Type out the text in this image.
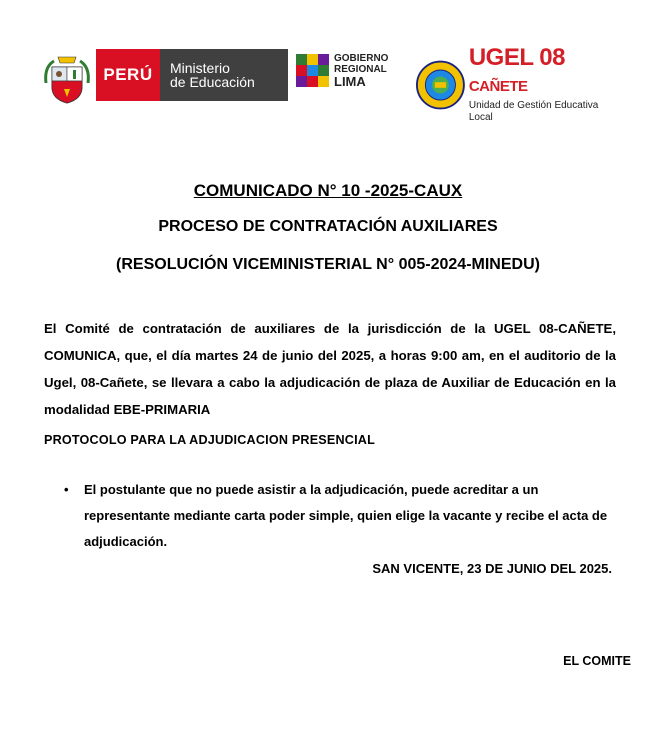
PERÚ	Ministerio
de Educación
GOBIERNO
REGIONAL
LIMA
UGEL 08 CAÑETE
Unidad de Gestión Educativa Local
COMUNICADO N° 10 -2025-CAUX
PROCESO DE CONTRATACIÓN AUXILIARES
(RESOLUCIÓN VICEMINISTERIAL N° 005-2024-MINEDU)
El Comité de contratación de auxiliares de la jurisdicción de la UGEL 08-CAÑETE, COMUNICA, que, el día martes 24 de junio del 2025, a horas 9:00 am, en el auditorio de la Ugel, 08-Cañete, se llevara a cabo la adjudicación de plaza de Auxiliar de Educación en la modalidad EBE-PRIMARIA
PROTOCOLO PARA LA ADJUDICACION PRESENCIAL
•	El postulante que no puede asistir a la adjudicación, puede acreditar a un representante mediante carta poder simple, quien elige la vacante y recibe el acta de adjudicación.
SAN VICENTE, 23 DE JUNIO DEL 2025.
EL COMITE
